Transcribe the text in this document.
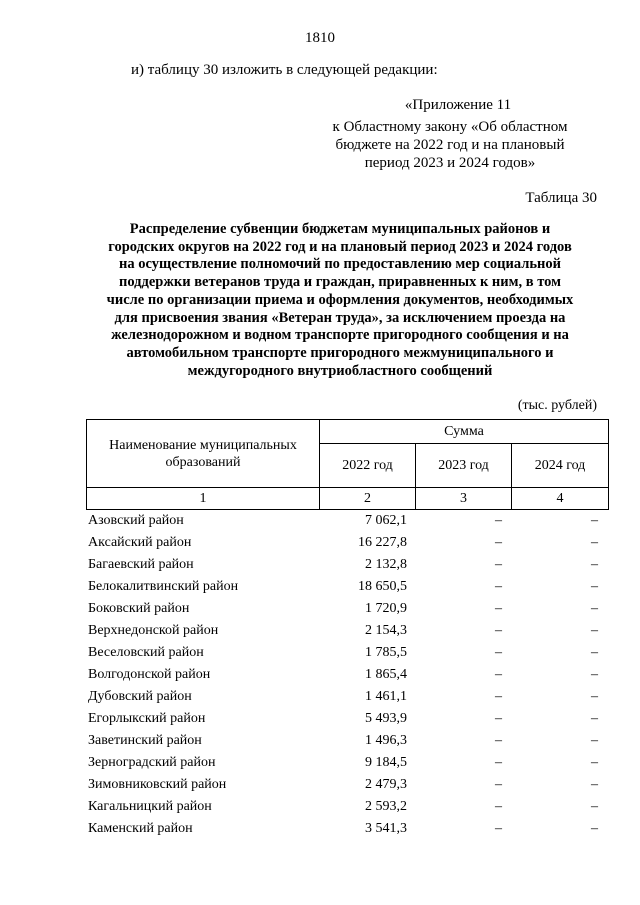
1810
и) таблицу 30 изложить в следующей редакции:
«Приложение 11
к Областному закону «Об областном
бюджете на 2022 год и на плановый
период 2023 и 2024 годов»
Таблица 30
Распределение субвенции бюджетам муниципальных районов и
городских округов на 2022 год и на плановый период 2023 и 2024 годов
на осуществление полномочий по предоставлению мер социальной
поддержки ветеранов труда и граждан, приравненных к ним, в том
числе по организации приема и оформления документов, необходимых
для присвоения звания «Ветеран труда», за исключением проезда на
железнодорожном и водном транспорте пригородного сообщения и на
автомобильном транспорте пригородного межмуниципального и
междугородного внутриобластного сообщений
(тыс. рублей)
Наименование муниципальных образований	Сумма		
	2022 год	2023 год	2024 год
1	2	3	4
Азовский район	7 062,1	–	–
Аксайский район	16 227,8	–	–
Багаевский район	2 132,8	–	–
Белокалитвинский район	18 650,5	–	–
Боковский район	1 720,9	–	–
Верхнедонской район	2 154,3	–	–
Веселовский район	1 785,5	–	–
Волгодонской район	1 865,4	–	–
Дубовский район	1 461,1	–	–
Егорлыкский район	5 493,9	–	–
Заветинский район	1 496,3	–	–
Зерноградский район	9 184,5	–	–
Зимовниковский район	2 479,3	–	–
Кагальницкий район	2 593,2	–	–
Каменский район	3 541,3	–	–
